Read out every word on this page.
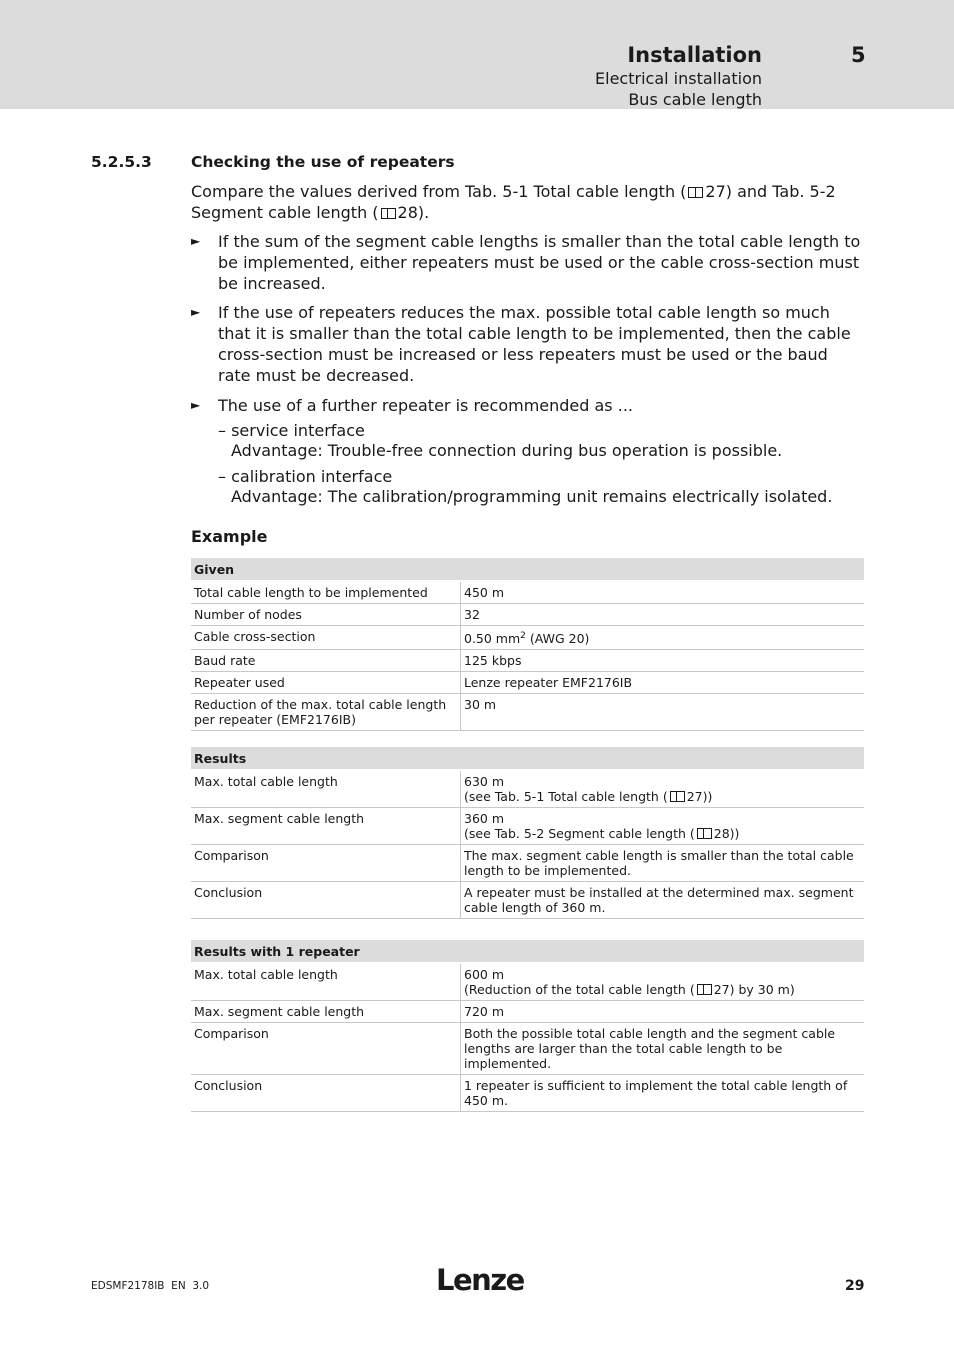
Installation	5
Electrical installation
Bus cable length
5.2.5.3	Checking the use of repeaters
Compare the values derived from Tab. 5-1 Total cable length ( 27) and Tab. 5-2 Segment cable length ( 28).
► If the sum of the segment cable lengths is smaller than the total cable length to be implemented, either repeaters must be used or the cable cross-section must be increased.
► If the use of repeaters reduces the max. possible total cable length so much that it is smaller than the total cable length to be implemented, then the cable cross-section must be increased or less repeaters must be used or the baud rate must be decreased.
► The use of a further repeater is recommended as ...
– service interface
Advantage: Trouble-free connection during bus operation is possible.
– calibration interface
Advantage: The calibration/programming unit remains electrically isolated.
Example
Given	
Total cable length to be implemented	450 m
Number of nodes	32
Cable cross-section	0.50 $mm^2$ (AWG 20)
Baud rate	125 kbps
Repeater used	Lenze repeater EMF2176IB
Reduction of the max. total cable length per repeater (EMF2176IB)	30 m
Results	
Max. total cable length	630 m
(see Tab. 5-1 Total cable length ( 27))

Max. segment cable length	360 m
(see Tab. 5-2 Segment cable length ( 28))

Comparison	The max. segment cable length is smaller than the total cable length to be implemented.
Conclusion	A repeater must be installed at the determined max. segment cable length of 360 m.
Results with 1 repeater	
Max. total cable length	600 m
(Reduction of the total cable length ( 27) by 30 m)

Max. segment cable length	720 m
Comparison	Both the possible total cable length and the segment cable lengths are larger than the total cable length to be implemented.
Conclusion	1 repeater is sufficient to implement the total cable length of 450 m.
EDSMF2178IB  EN  3.0	Lenze	29
